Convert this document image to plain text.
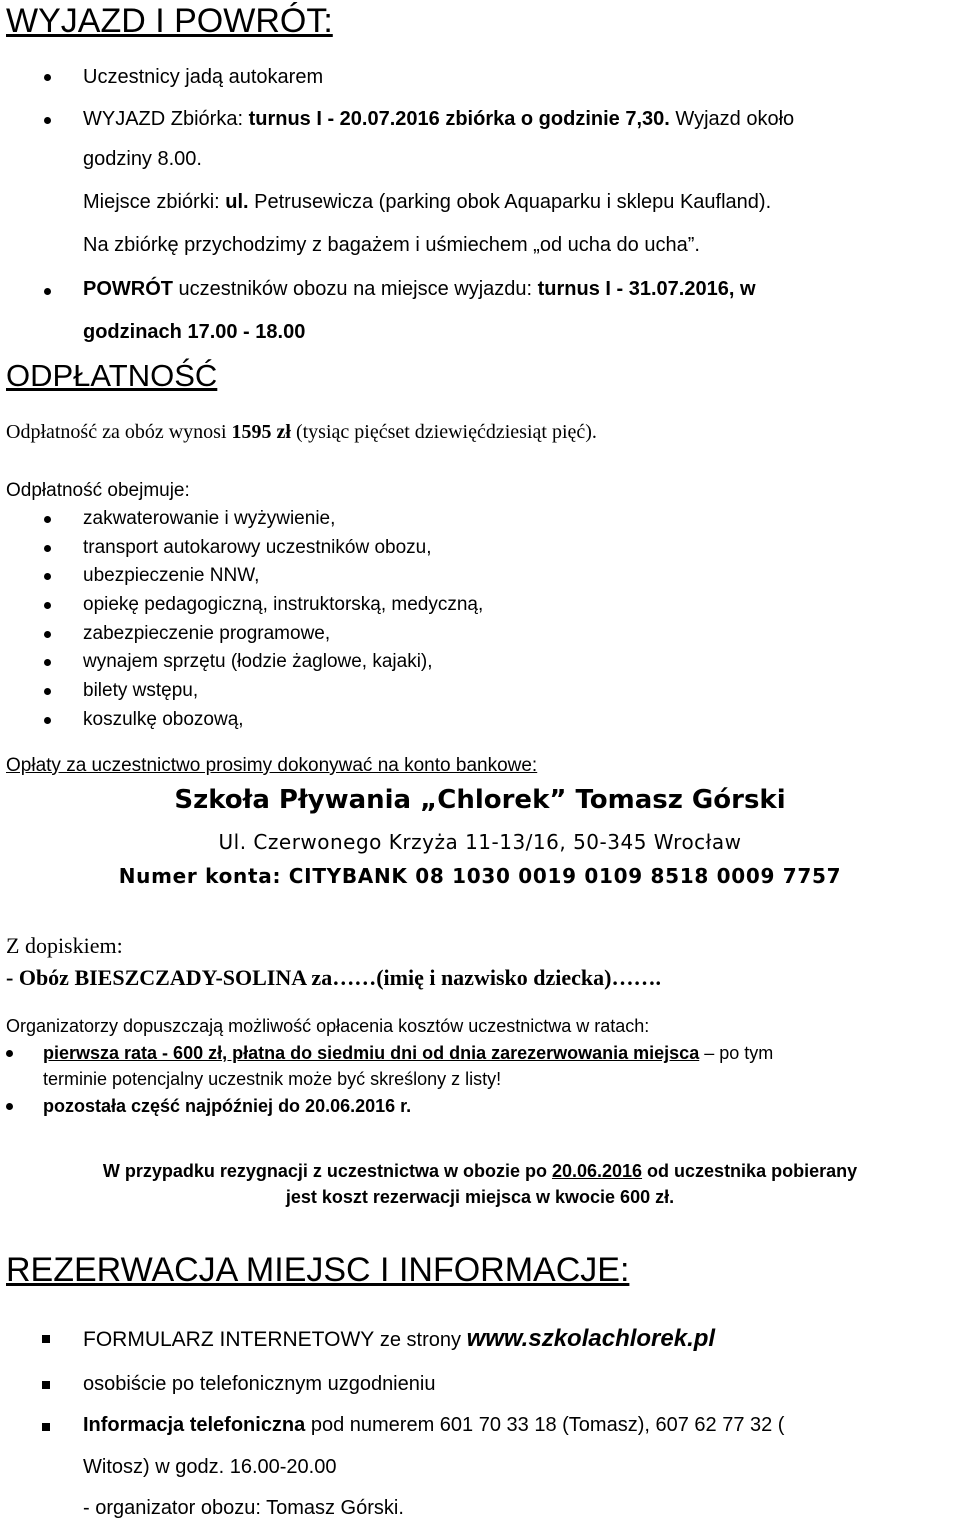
WYJAZD I POWRÓT:
Uczestnicy jadą autokarem
WYJAZD Zbiórka: turnus I - 20.07.2016 zbiórka o godzinie 7,30. Wyjazd około
godziny 8.00.
Miejsce zbiórki: ul. Petrusewicza (parking obok Aquaparku i sklepu Kaufland).
Na zbiórkę przychodzimy z bagażem i uśmiechem „od ucha do ucha”.
POWRÓT uczestników obozu na miejsce wyjazdu: turnus I - 31.07.2016, w
godzinach 17.00 - 18.00
ODPŁATNOŚĆ
Odpłatność za obóz wynosi 1595 zł (tysiąc pięćset dziewięćdziesiąt pięć).
Odpłatność obejmuje:
zakwaterowanie i wyżywienie,
transport autokarowy uczestników obozu,
ubezpieczenie NNW,
opiekę pedagogiczną, instruktorską, medyczną,
zabezpieczenie programowe,
wynajem sprzętu (łodzie żaglowe, kajaki),
bilety wstępu,
koszulkę obozową,
Opłaty za uczestnictwo prosimy dokonywać na konto bankowe:
Szkoła Pływania „Chlorek” Tomasz Górski
Ul. Czerwonego Krzyża 11-13/16, 50-345 Wrocław
Numer konta: CITYBANK 08 1030 0019 0109 8518 0009 7757
Z dopiskiem:
- Obóz BIESZCZADY-SOLINA za……(imię i nazwisko dziecka)…….
Organizatorzy dopuszczają możliwość opłacenia kosztów uczestnictwa w ratach:
pierwsza rata - 600 zł, płatna do siedmiu dni od dnia zarezerwowania miejsca – po tym
terminie potencjalny uczestnik może być skreślony z listy!
pozostała część najpóźniej do 20.06.2016 r.
W przypadku rezygnacji z uczestnictwa w obozie po 20.06.2016 od uczestnika pobierany
jest koszt rezerwacji miejsca w kwocie 600 zł.
REZERWACJA MIEJSC I INFORMACJE:
FORMULARZ INTERNETOWY ze strony www.szkolachlorek.pl
osobiście po telefonicznym uzgodnieniu
Informacja telefoniczna pod numerem 601 70 33 18 (Tomasz), 607 62 77 32 (
Witosz) w godz. 16.00-20.00
- organizator obozu: Tomasz Górski.
